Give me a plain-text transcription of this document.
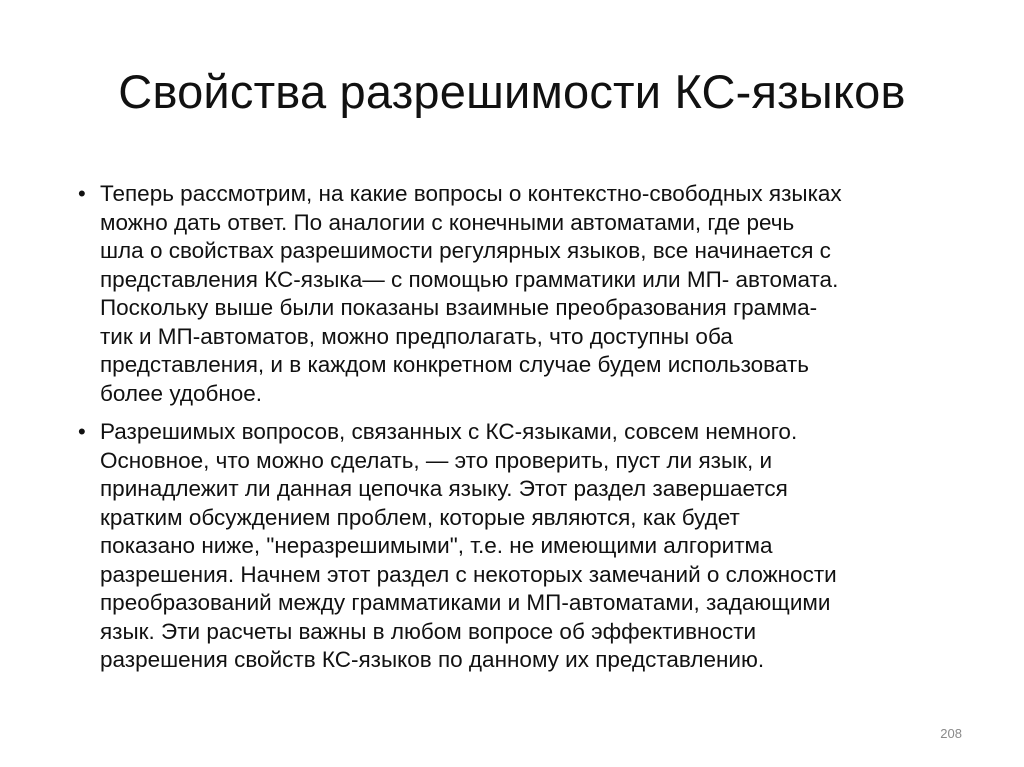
Свойства разрешимости КС-языков
• Теперь рассмотрим, на какие вопросы о контекстно-свободных языках
можно дать ответ. По аналогии с конечными автоматами, где речь
шла о свойствах разрешимости регулярных языков, все начинается с
представления КС-языка— с помощью грамматики или МП- автомата.
Поскольку выше были показаны взаимные преобразования грамма-
тик и МП-автоматов, можно предполагать, что доступны оба
представления, и в каждом конкретном случае будем использовать
более удобное.
• Разрешимых вопросов, связанных с КС-языками, совсем немного.
Основное, что можно сделать, — это проверить, пуст ли язык, и
принадлежит ли данная цепочка языку. Этот раздел завершается
кратким обсуждением проблем, которые являются, как будет
показано ниже, "неразрешимыми", т.е. не имеющими алгоритма
разрешения. Начнем этот раздел с некоторых замечаний о сложности
преобразований между грамматиками и МП-автоматами, задающими
язык. Эти расчеты важны в любом вопросе об эффективности
разрешения свойств КС-языков по данному их представлению.
208
